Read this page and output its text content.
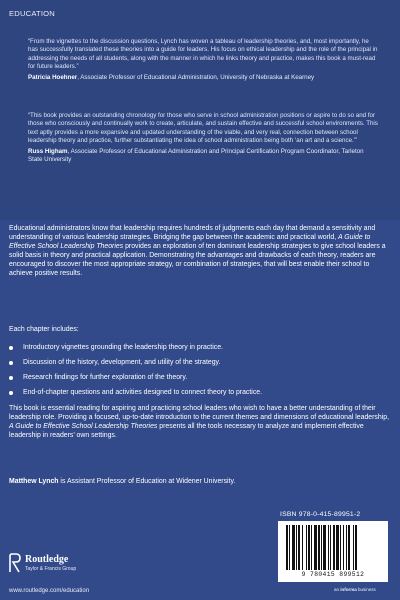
EDUCATION

“From the vignettes to the discussion questions, Lynch has woven a tableau of leadership theories, and, most importantly, he has successfully translated these theories into a guide for leaders. His focus on ethical leadership and the role of the principal in addressing the needs of all students, along with the manner in which he links theory and practice, makes this book a must-read for future leaders.”

Patricia Hoehner, Associate Professor of Educational Administration, University of Nebraska at Kearney

“This book provides an outstanding chronology for those who serve in school administration positions or aspire to do so and for those who consciously and continually work to create, articulate, and sustain effective and successful school environments. This text aptly provides a more expansive and updated understanding of the viable, and very real, connection between school leadership theory and practice, further substantiating the idea of school administration being both ‘an art and a science.’”

Russ Higham, Associate Professor of Educational Administration and Principal Certification Program Coordinator, Tarleton State University

Educational administrators know that leadership requires hundreds of judgments each day that demand a sensitivity and understanding of various leadership strategies. Bridging the gap between the academic and practical world, A Guide to Effective School Leadership Theories provides an exploration of ten dominant leadership strategies to give school leaders a solid basis in theory and practical application. Demonstrating the advantages and drawbacks of each theory, readers are encouraged to discover the most appropriate strategy, or combination of strategies, that will best enable their school to achieve positive results.

Each chapter includes:

Introductory vignettes grounding the leadership theory in practice.
Discussion of the history, development, and utility of the strategy.
Research findings for further exploration of the theory.
End-of-chapter questions and activities designed to connect theory to practice.

This book is essential reading for aspiring and practicing school leaders who wish to have a better understanding of their leadership role. Providing a focused, up-to-date introduction to the current themes and dimensions of educational leadership, A Guide to Effective School Leadership Theories presents all the tools necessary to analyze and implement effective leadership in readers’ own settings.

Matthew Lynch is Assistant Professor of Education at Widener University.

Routledge
Taylor & Francis Group
www.routledge.com/education
ISBN 978-0-415-89951-2
9 780415 899512
an informa business
